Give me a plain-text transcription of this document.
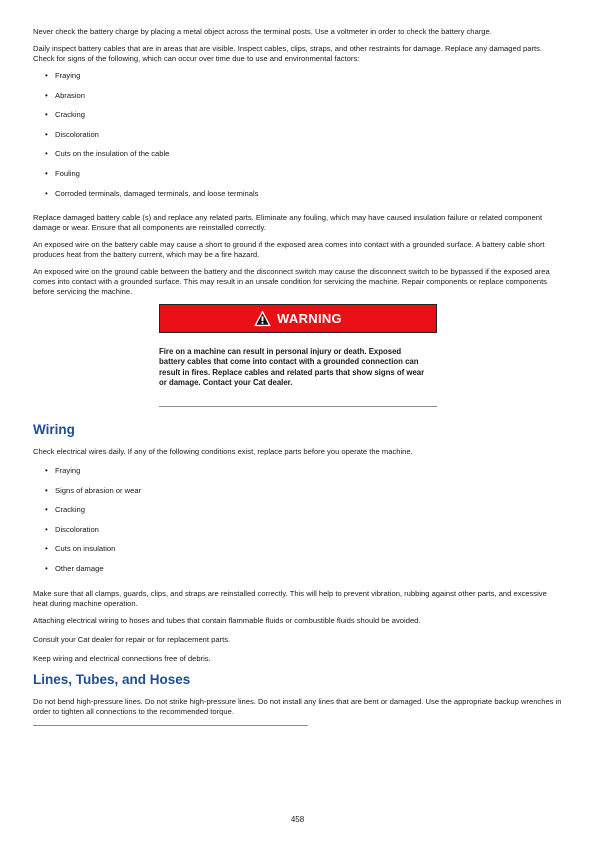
Never check the battery charge by placing a metal object across the terminal posts. Use a voltmeter in order to check the battery charge.

Daily inspect battery cables that are in areas that are visible. Inspect cables, clips, straps, and other restraints for damage. Replace any damaged parts. Check for signs of the following, which can occur over time due to use and environmental factors:

• Fraying
• Abrasion
• Cracking
• Discoloration
• Cuts on the insulation of the cable
• Fouling
• Corroded terminals, damaged terminals, and loose terminals

Replace damaged battery cable (s) and replace any related parts. Eliminate any fouling, which may have caused insulation failure or related component damage or wear. Ensure that all components are reinstalled correctly.

An exposed wire on the battery cable may cause a short to ground if the exposed area comes into contact with a grounded surface. A battery cable short produces heat from the battery current, which may be a fire hazard.

An exposed wire on the ground cable between the battery and the disconnect switch may cause the disconnect switch to be bypassed if the exposed area comes into contact with a grounded surface. This may result in an unsafe condition for servicing the machine. Repair components or replace components before servicing the machine.

WARNING

Fire on a machine can result in personal injury or death. Exposed battery cables that come into contact with a grounded connection can result in fires. Replace cables and related parts that show signs of wear or damage. Contact your Cat dealer.

Wiring

Check electrical wires daily. If any of the following conditions exist, replace parts before you operate the machine.

• Fraying
• Signs of abrasion or wear
• Cracking
• Discoloration
• Cuts on insulation
• Other damage

Make sure that all clamps, guards, clips, and straps are reinstalled correctly. This will help to prevent vibration, rubbing against other parts, and excessive heat during machine operation.

Attaching electrical wiring to hoses and tubes that contain flammable fluids or combustible fluids should be avoided.

Consult your Cat dealer for repair or for replacement parts.

Keep wiring and electrical connections free of debris.

Lines, Tubes, and Hoses

Do not bend high-pressure lines. Do not strike high-pressure lines. Do not install any lines that are bent or damaged. Use the appropriate backup wrenches in order to tighten all connections to the recommended torque.

458
